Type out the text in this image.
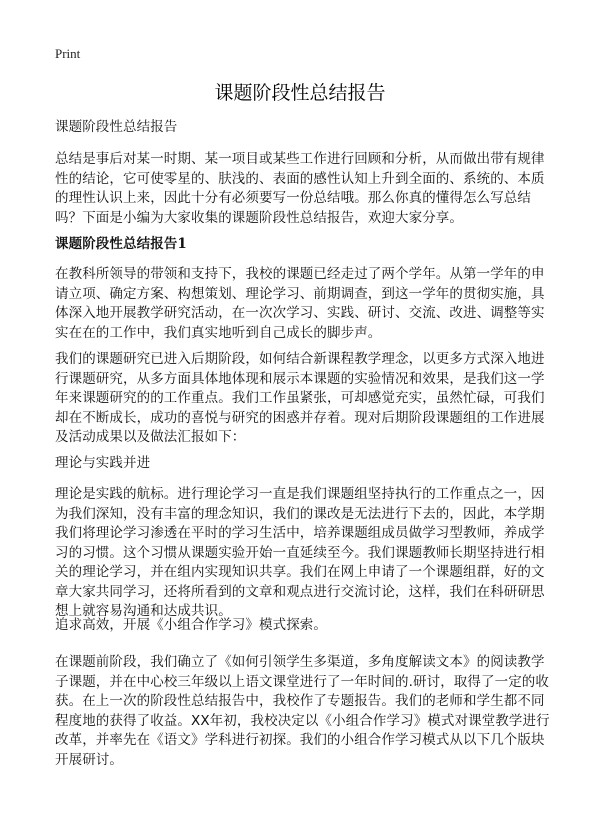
Print
课题阶段性总结报告

课题阶段性总结报告

总结是事后对某一时期、某一项目或某些工作进行回顾和分析，从而做出带有规律性的结论，它可使零星的、肤浅的、表面的感性认知上升到全面的、系统的、本质的理性认识上来，因此十分有必须要写一份总结哦。那么你真的懂得怎么写总结吗？下面是小编为大家收集的课题阶段性总结报告，欢迎大家分享。

课题阶段性总结报告1

在教科所领导的带领和支持下，我校的课题已经走过了两个学年。从第一学年的申请立项、确定方案、构想策划、理论学习、前期调查，到这一学年的贯彻实施，具体深入地开展教学研究活动，在一次次学习、实践、研讨、交流、改进、调整等实实在在的工作中，我们真实地听到自己成长的脚步声。

我们的课题研究已进入后期阶段，如何结合新课程教学理念，以更多方式深入地进行课题研究，从多方面具体地体现和展示本课题的实验情况和效果，是我们这一学年来课题研究的的工作重点。我们工作虽紧张，可却感觉充实，虽然忙碌，可我们却在不断成长，成功的喜悦与研究的困惑并存着。现对后期阶段课题组的工作进展及活动成果以及做法汇报如下：

理论与实践并进

理论是实践的航标。进行理论学习一直是我们课题组坚持执行的工作重点之一，因为我们深知，没有丰富的理念知识，我们的课改是无法进行下去的，因此，本学期我们将理论学习渗透在平时的学习生活中，培养课题组成员做学习型教师，养成学习的习惯。这个习惯从课题实验开始一直延续至今。我们课题教师长期坚持进行相关的理论学习，并在组内实现知识共享。我们在网上申请了一个课题组群，好的文章大家共同学习，还将所看到的文章和观点进行交流讨论，这样，我们在科研研思想上就容易沟通和达成共识。

追求高效，开展《小组合作学习》模式探索。

在课题前阶段，我们确立了《如何引领学生多渠道，多角度解读文本》的阅读教学子课题，并在中心校三年级以上语文课堂进行了一年时间的.研讨，取得了一定的收获。在上一次的阶段性总结报告中，我校作了专题报告。我们的老师和学生都不同程度地的获得了收益。XX年初，我校决定以《小组合作学习》模式对课堂教学进行改革，并率先在《语文》学科进行初探。我们的小组合作学习模式从以下几个版块开展研讨。
